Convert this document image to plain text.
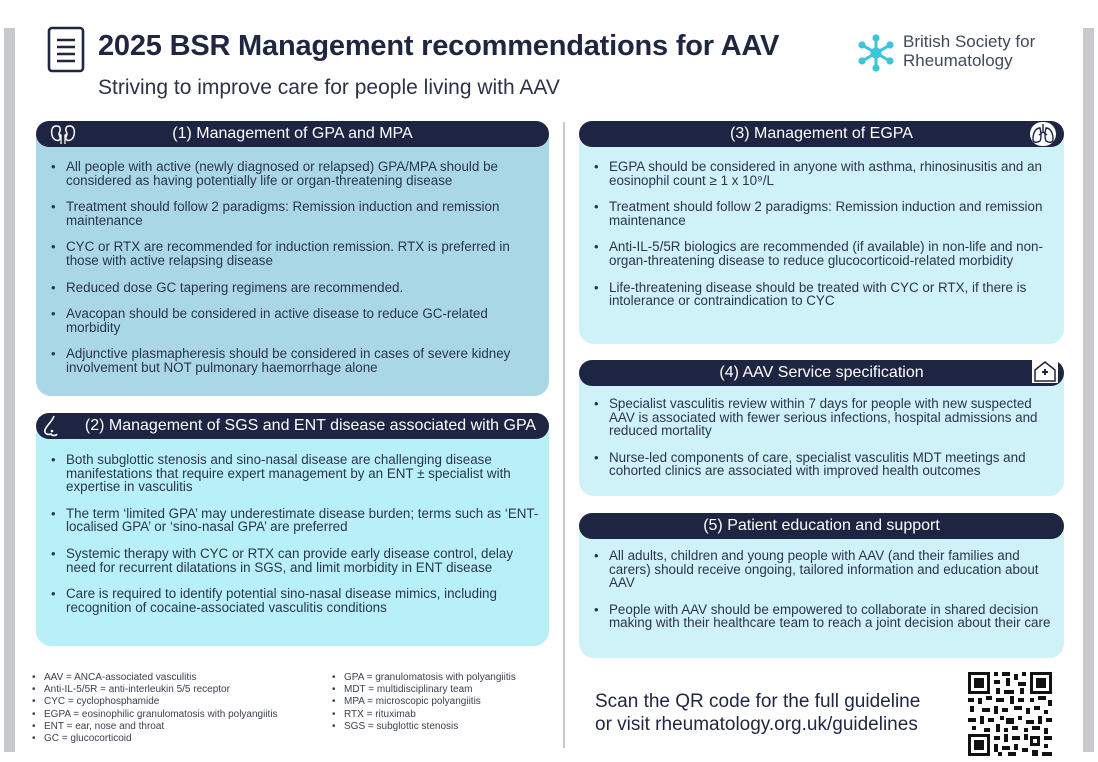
2025 BSR Management recommendations for AAV
Striving to improve care for people living with AAV
British Society for
Rheumatology
(1) Management of GPA and MPA
• All people with active (newly diagnosed or relapsed) GPA/MPA should be considered as having potentially life or organ-threatening disease
• Treatment should follow 2 paradigms: Remission induction and remission maintenance
• CYC or RTX are recommended for induction remission. RTX is preferred in those with active relapsing disease
• Reduced dose GC tapering regimens are recommended.
• Avacopan should be considered in active disease to reduce GC-related morbidity
• Adjunctive plasmapheresis should be considered in cases of severe kidney involvement but NOT pulmonary haemorrhage alone
(2) Management of SGS and ENT disease associated with GPA
• Both subglottic stenosis and sino-nasal disease are challenging disease manifestations that require expert management by an ENT ± specialist with expertise in vasculitis
• The term ‘limited GPA’ may underestimate disease burden; terms such as ‘ENT-localised GPA’ or ‘sino-nasal GPA’ are preferred
• Systemic therapy with CYC or RTX can provide early disease control, delay need for recurrent dilatations in SGS, and limit morbidity in ENT disease
• Care is required to identify potential sino-nasal disease mimics, including recognition of cocaine-associated vasculitis conditions
(3) Management of EGPA
• EGPA should be considered in anyone with asthma, rhinosinusitis and an eosinophil count ≥ 1 x 10⁹/L
• Treatment should follow 2 paradigms: Remission induction and remission maintenance
• Anti-IL-5/5R biologics are recommended (if available) in non-life and non-organ-threatening disease to reduce glucocorticoid-related morbidity
• Life-threatening disease should be treated with CYC or RTX, if there is intolerance or contraindication to CYC
(4) AAV Service specification
• Specialist vasculitis review within 7 days for people with new suspected AAV is associated with fewer serious infections, hospital admissions and reduced mortality
• Nurse-led components of care, specialist vasculitis MDT meetings and cohorted clinics are associated with improved health outcomes
(5) Patient education and support
• All adults, children and young people with AAV (and their families and carers) should receive ongoing, tailored information and education about AAV
• People with AAV should be empowered to collaborate in shared decision making with their healthcare team to reach a joint decision about their care
• AAV = ANCA-associated vasculitis
• Anti-IL-5/5R = anti-interleukin 5/5 receptor
• CYC = cyclophosphamide
• EGPA = eosinophilic granulomatosis with polyangiitis
• ENT = ear, nose and throat
• GC = glucocorticoid
• GPA = granulomatosis with polyangiitis
• MDT = multidisciplinary team
• MPA = microscopic polyangiitis
• RTX = rituximab
• SGS = subglottic stenosis
Scan the QR code for the full guideline
or visit rheumatology.org.uk/guidelines
